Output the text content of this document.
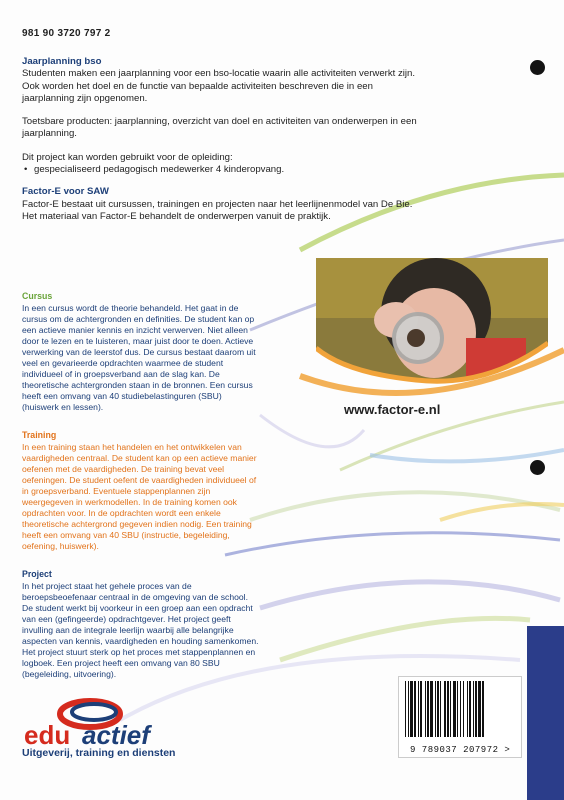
981 90 3720 797 2

Jaarplanning bso

Studenten maken een jaarplanning voor een bso-locatie waarin alle activiteiten verwerkt zijn. Ook worden het doel en de functie van bepaalde activiteiten beschreven die in een jaarplanning zijn opgenomen.

Toetsbare producten: jaarplanning, overzicht van doel en activiteiten van onderwerpen in een jaarplanning.

Dit project kan worden gebruikt voor de opleiding:

• gespecialiseerd pedagogisch medewerker 4 kinderopvang.

Factor-E voor SAW

Factor-E bestaat uit cursussen, trainingen en projecten naar het leerlijnenmodel van De Bie. Het materiaal van Factor-E behandelt de onderwerpen vanuit de praktijk.

www.factor-e.nl
Cursus

In een cursus wordt de theorie behandeld. Het gaat in de cursus om de achtergronden en definities. De student kan op een actieve manier kennis en inzicht verwerven. Niet alleen door te lezen en te luisteren, maar juist door te doen. Actieve verwerking van de leerstof dus. De cursus bestaat daarom uit veel en gevarieerde opdrachten waarmee de student individueel of in groepsverband aan de slag kan. De theoretische achtergronden staan in de bronnen. Een cursus heeft een omvang van 40 studiebelastinguren (SBU) (huiswerk en lessen).

Training

In een training staan het handelen en het ontwikkelen van vaardigheden centraal. De student kan op een actieve manier oefenen met de vaardigheden. De training bevat veel oefeningen. De student oefent de vaardigheden individueel of in groepsverband. Eventuele stappenplannen zijn weergegeven in werkmodellen. In de training komen ook opdrachten voor. In de opdrachten wordt een enkele theoretische achtergrond gegeven indien nodig. Een training heeft een omvang van 40 SBU (instructie, begeleiding, oefening, huiswerk).

Project

In het project staat het gehele proces van de beroepsbeoefenaar centraal in de omgeving van de school. De student werkt bij voorkeur in een groep aan een opdracht van een (gefingeerde) opdrachtgever. Het project geeft invulling aan de integrale leerlijn waarbij alle belangrijke aspecten van kennis, vaardigheden en houding samenkomen. Het project stuurt sterk op het proces met stappenplannen en logboek. Een project heeft een omvang van 80 SBU (begeleiding, uitvoering).

edu actief
Uitgeverij, training en diensten	9 789037 207972 >
